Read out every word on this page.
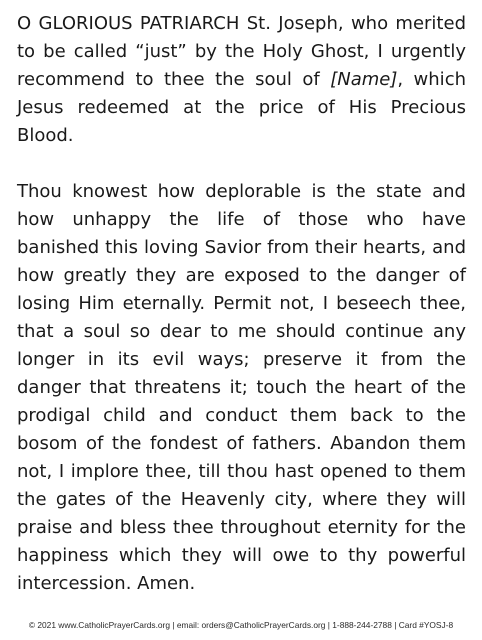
O GLORIOUS PATRIARCH St. Joseph, who merited to be called “just” by the Holy Ghost, I urgently recommend to thee the soul of [Name], which Jesus redeemed at the price of His Precious Blood.

Thou knowest how deplorable is the state and how unhappy the life of those who have banished this loving Savior from their hearts, and how greatly they are exposed to the danger of losing Him eternally. Permit not, I beseech thee, that a soul so dear to me should continue any longer in its evil ways; preserve it from the danger that threatens it; touch the heart of the prodigal child and conduct them back to the bosom of the fondest of fathers. Abandon them not, I implore thee, till thou hast opened to them the gates of the Heavenly city, where they will praise and bless thee throughout eternity for the happiness which they will owe to thy powerful intercession. Amen.

© 2021 www.CatholicPrayerCards.org | email: orders@CatholicPrayerCards.org | 1-888-244-2788 | Card #YOSJ-8
